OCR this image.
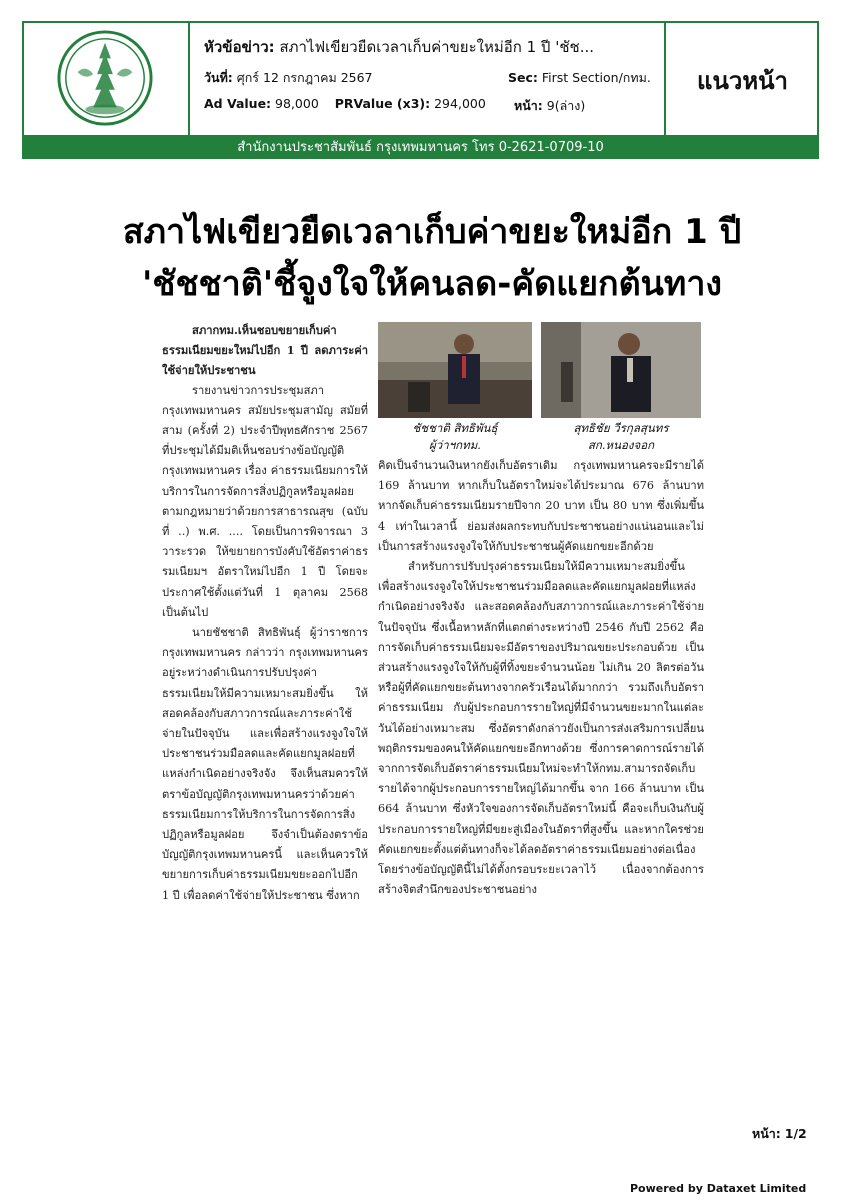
หัวข้อข่าว: สภาไฟเขียวยืดเวลาเก็บค่าขยะใหม่อีก 1 ปี 'ชัช...
วันที่: ศุกร์ 12 กรกฎาคม 2567	Sec: First Section/กทม.
Ad Value: 98,000 PRValue (x3): 294,000 หน้า: 9(ล่าง)
แนวหน้า
สำนักงานประชาสัมพันธ์ กรุงเทพมหานคร โทร 0-2621-0709-10
สภาไฟเขียวยืดเวลาเก็บค่าขยะใหม่อีก 1 ปี
'ชัชชาติ'ชี้จูงใจให้คนลด-คัดแยกต้นทาง

สภากทม.เห็นชอบขยายเก็บค่าธรรมเนียมขยะใหม่ไปอีก 1 ปี ลดภาระค่าใช้จ่ายให้ประชาชน

รายงานข่าวการประชุมสภากรุงเทพมหานคร สมัยประชุมสามัญ สมัยที่สาม (ครั้งที่ 2) ประจำปีพุทธศักราช 2567 ที่ประชุมได้มีมติเห็นชอบร่างข้อบัญญัติกรุงเทพมหานคร เรื่อง ค่าธรรมเนียมการให้บริการในการจัดการสิ่งปฏิกูลหรือมูลฝอย ตามกฎหมายว่าด้วยการสาธารณสุข (ฉบับที่ ..) พ.ศ. .... โดยเป็นการพิจารณา 3 วาระรวด ให้ขยายการบังคับใช้อัตราค่าธรรมเนียมฯ อัตราใหม่ไปอีก 1 ปี โดยจะประกาศใช้ตั้งแต่วันที่ 1 ตุลาคม 2568 เป็นต้นไป

นายชัชชาติ สิทธิพันธุ์ ผู้ว่าราชการกรุงเทพมหานคร กล่าวว่า กรุงเทพมหานครอยู่ระหว่างดำเนินการปรับปรุงค่าธรรมเนียมให้มีความเหมาะสมยิ่งขึ้น ให้สอดคล้องกับสภาวการณ์และภาระค่าใช้จ่ายในปัจจุบัน และเพื่อสร้างแรงจูงใจให้ประชาชนร่วมมือลดและคัดแยกมูลฝอยที่แหล่งกำเนิดอย่างจริงจัง จึงเห็นสมควรให้ตราข้อบัญญัติกรุงเทพมหานครว่าด้วยค่าธรรมเนียมการให้บริการในการจัดการสิ่งปฏิกูลหรือมูลฝอย จึงจำเป็นต้องตราข้อบัญญัติกรุงเทพมหานครนี้ และเห็นควรให้ขยายการเก็บค่าธรรมเนียมขยะออกไปอีก 1 ปี เพื่อลดค่าใช้จ่ายให้ประชาชน ซึ่งหาก

ชัชชาติ สิทธิพันธุ์
ผู้ว่าฯกทม.
สุทธิชัย วีรกุลสุนทร
สก.หนองจอก

คิดเป็นจำนวนเงินหากยังเก็บอัตราเดิม กรุงเทพมหานครจะมีรายได้ 169 ล้านบาท หากเก็บในอัตราใหม่จะได้ประมาณ 676 ล้านบาท หากจัดเก็บค่าธรรมเนียมรายปีจาก 20 บาท เป็น 80 บาท ซึ่งเพิ่มขึ้น 4 เท่าในเวลานี้ ย่อมส่งผลกระทบกับประชาชนอย่างแน่นอนและไม่เป็นการสร้างแรงจูงใจให้กับประชาชนผู้คัดแยกขยะอีกด้วย

สำหรับการปรับปรุงค่าธรรมเนียมให้มีความเหมาะสมยิ่งขึ้น เพื่อสร้างแรงจูงใจให้ประชาชนร่วมมือลดและคัดแยกมูลฝอยที่แหล่งกำเนิดอย่างจริงจัง และสอดคล้องกับสภาวการณ์และภาระค่าใช้จ่ายในปัจจุบัน ซึ่งเนื้อหาหลักที่แตกต่างระหว่างปี 2546 กับปี 2562 คือการจัดเก็บค่าธรรมเนียมจะมีอัตราของปริมาณขยะประกอบด้วย เป็นส่วนสร้างแรงจูงใจให้กับผู้ที่ทิ้งขยะจำนวนน้อย ไม่เกิน 20 ลิตรต่อวัน หรือผู้ที่คัดแยกขยะต้นทางจากครัวเรือนได้มากกว่า รวมถึงเก็บอัตราค่าธรรมเนียม กับผู้ประกอบการรายใหญ่ที่มีจำนวนขยะมากในแต่ละวันได้อย่างเหมาะสม ซึ่งอัตราดังกล่าวยังเป็นการส่งเสริมการเปลี่ยนพฤติกรรมของคนให้คัดแยกขยะอีกทางด้วย ซึ่งการคาดการณ์รายได้จากการจัดเก็บอัตราค่าธรรมเนียมใหม่จะทำให้กทม.สามารถจัดเก็บรายได้จากผู้ประกอบการรายใหญ่ได้มากขึ้น จาก 166 ล้านบาท เป็น 664 ล้านบาท ซึ่งหัวใจของการจัดเก็บอัตราใหม่นี้ คือจะเก็บเงินกับผู้ประกอบการรายใหญ่ที่มีขยะสู่เมืองในอัตราที่สูงขึ้น และหากใครช่วยคัดแยกขยะตั้งแต่ต้นทางก็จะได้ลดอัตราค่าธรรมเนียมอย่างต่อเนื่อง โดยร่างข้อบัญญัตินี้ไม่ได้ตั้งกรอบระยะเวลาไว้ เนื่องจากต้องการสร้างจิตสำนึกของประชาชนอย่าง

หน้า: 1/2
Powered by Dataxet Limited
